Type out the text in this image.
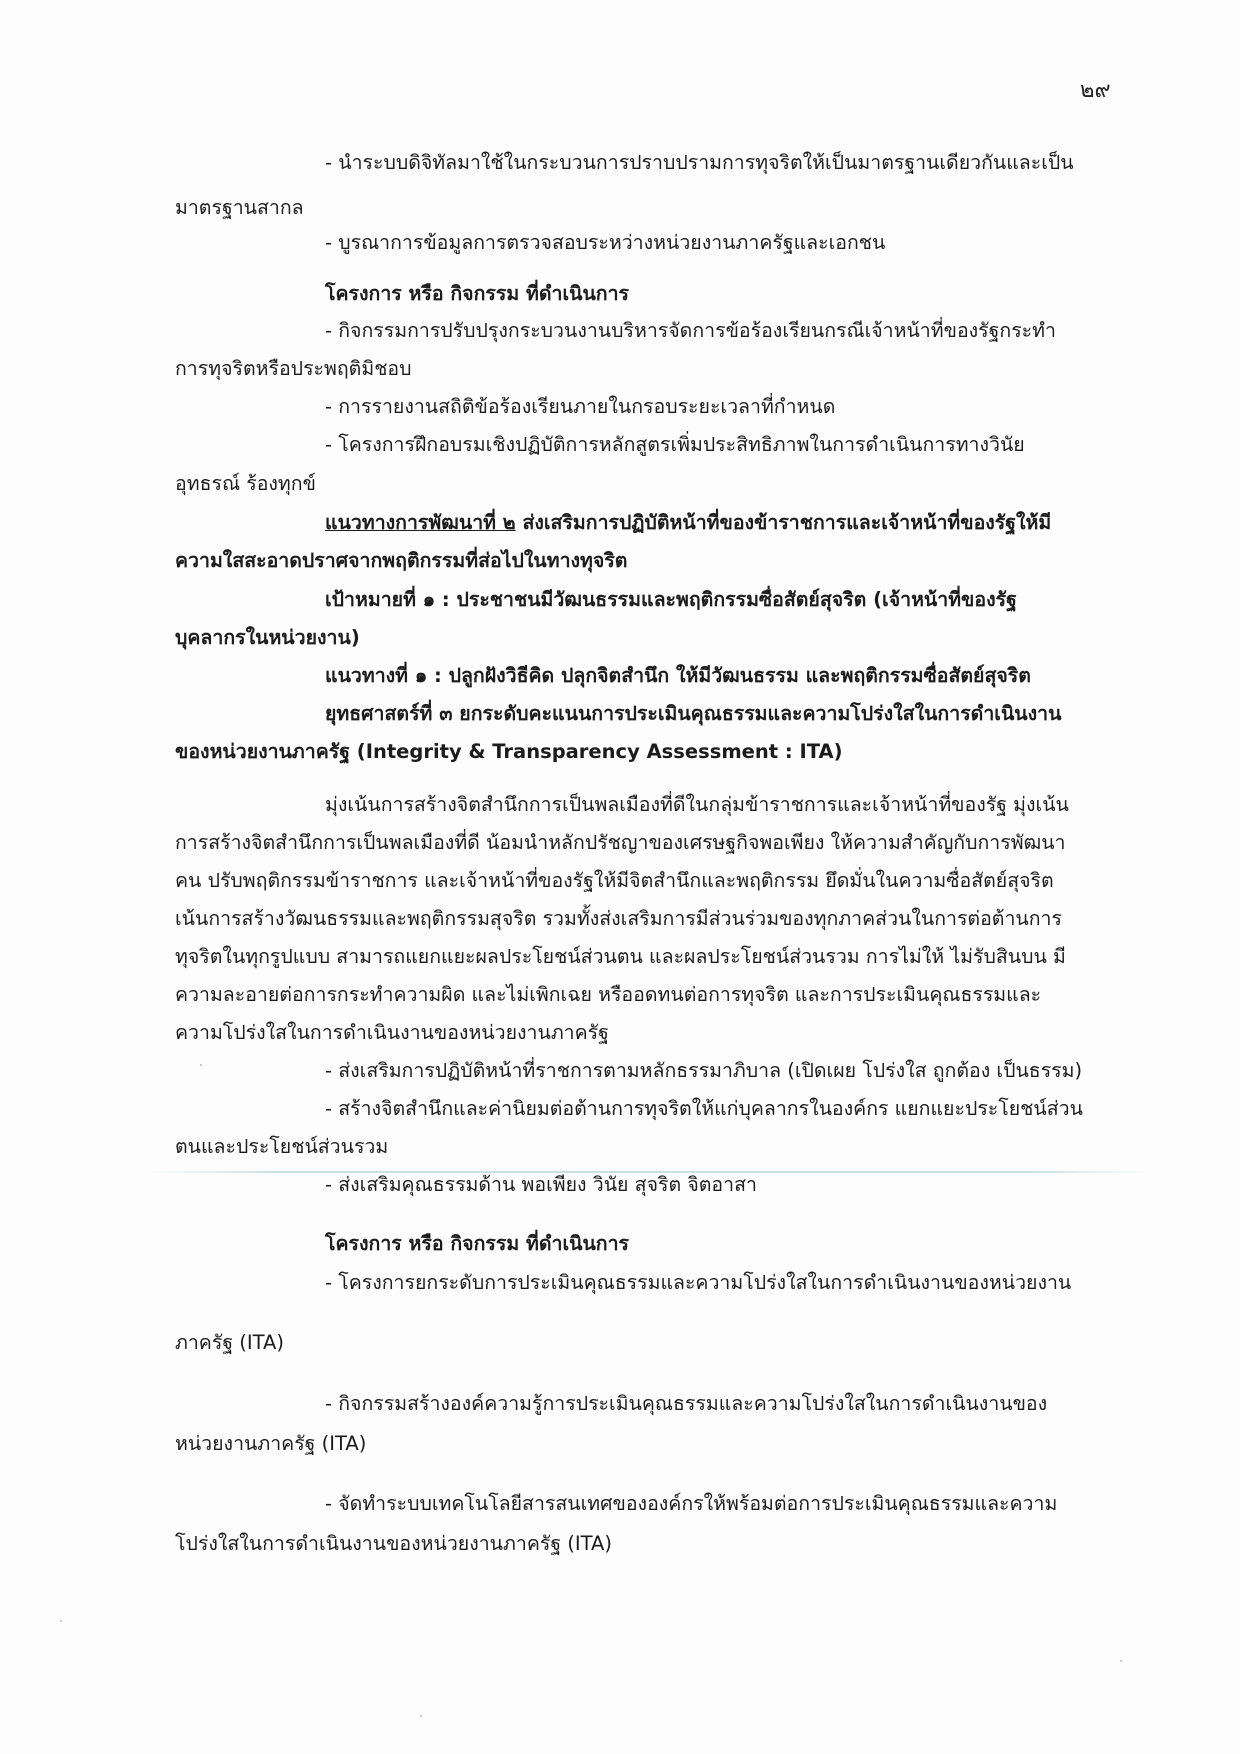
๒๙
- นำระบบดิจิทัลมาใช้ในกระบวนการปราบปรามการทุจริตให้เป็นมาตรฐานเดียวกันและเป็น
มาตรฐานสากล
- บูรณาการข้อมูลการตรวจสอบระหว่างหน่วยงานภาครัฐและเอกชน
โครงการ หรือ กิจกรรม ที่ดำเนินการ
- กิจกรรมการปรับปรุงกระบวนงานบริหารจัดการข้อร้องเรียนกรณีเจ้าหน้าที่ของรัฐกระทำ
การทุจริตหรือประพฤติมิชอบ
- การรายงานสถิติข้อร้องเรียนภายในกรอบระยะเวลาที่กำหนด
- โครงการฝึกอบรมเชิงปฏิบัติการหลักสูตรเพิ่มประสิทธิภาพในการดำเนินการทางวินัย
อุทธรณ์ ร้องทุกข์
แนวทางการพัฒนาที่ ๒ ส่งเสริมการปฏิบัติหน้าที่ของข้าราชการและเจ้าหน้าที่ของรัฐให้มี
ความใสสะอาดปราศจากพฤติกรรมที่ส่อไปในทางทุจริต
เป้าหมายที่ ๑ : ประชาชนมีวัฒนธรรมและพฤติกรรมซื่อสัตย์สุจริต (เจ้าหน้าที่ของรัฐ
บุคลากรในหน่วยงาน)
แนวทางที่ ๑ : ปลูกฝังวิธีคิด ปลุกจิตสำนึก ให้มีวัฒนธรรม และพฤติกรรมซื่อสัตย์สุจริต
ยุทธศาสตร์ที่ ๓ ยกระดับคะแนนการประเมินคุณธรรมและความโปร่งใสในการดำเนินงาน
ของหน่วยงานภาครัฐ (Integrity & Transparency Assessment : ITA)
มุ่งเน้นการสร้างจิตสำนึกการเป็นพลเมืองที่ดีในกลุ่มข้าราชการและเจ้าหน้าที่ของรัฐ มุ่งเน้น
การสร้างจิตสำนึกการเป็นพลเมืองที่ดี น้อมนำหลักปรัชญาของเศรษฐกิจพอเพียง ให้ความสำคัญกับการพัฒนา
คน ปรับพฤติกรรมข้าราชการ และเจ้าหน้าที่ของรัฐให้มีจิตสำนึกและพฤติกรรม ยึดมั่นในความซื่อสัตย์สุจริต
เน้นการสร้างวัฒนธรรมและพฤติกรรมสุจริต รวมทั้งส่งเสริมการมีส่วนร่วมของทุกภาคส่วนในการต่อต้านการ
ทุจริตในทุกรูปแบบ สามารถแยกแยะผลประโยชน์ส่วนตน และผลประโยชน์ส่วนรวม การไม่ให้ ไม่รับสินบน มี
ความละอายต่อการกระทำความผิด และไม่เพิกเฉย หรืออดทนต่อการทุจริต และการประเมินคุณธรรมและ
ความโปร่งใสในการดำเนินงานของหน่วยงานภาครัฐ
- ส่งเสริมการปฏิบัติหน้าที่ราชการตามหลักธรรมาภิบาล (เปิดเผย โปร่งใส ถูกต้อง เป็นธรรม)
- สร้างจิตสำนึกและค่านิยมต่อต้านการทุจริตให้แก่บุคลากรในองค์กร แยกแยะประโยชน์ส่วน
ตนและประโยชน์ส่วนรวม
- ส่งเสริมคุณธรรมด้าน พอเพียง วินัย สุจริต จิตอาสา
โครงการ หรือ กิจกรรม ที่ดำเนินการ
- โครงการยกระดับการประเมินคุณธรรมและความโปร่งใสในการดำเนินงานของหน่วยงาน
ภาครัฐ (ITA)
- กิจกรรมสร้างองค์ความรู้การประเมินคุณธรรมและความโปร่งใสในการดำเนินงานของ
หน่วยงานภาครัฐ (ITA)
- จัดทำระบบเทคโนโลยีสารสนเทศขององค์กรให้พร้อมต่อการประเมินคุณธรรมและความ
โปร่งใสในการดำเนินงานของหน่วยงานภาครัฐ (ITA)
